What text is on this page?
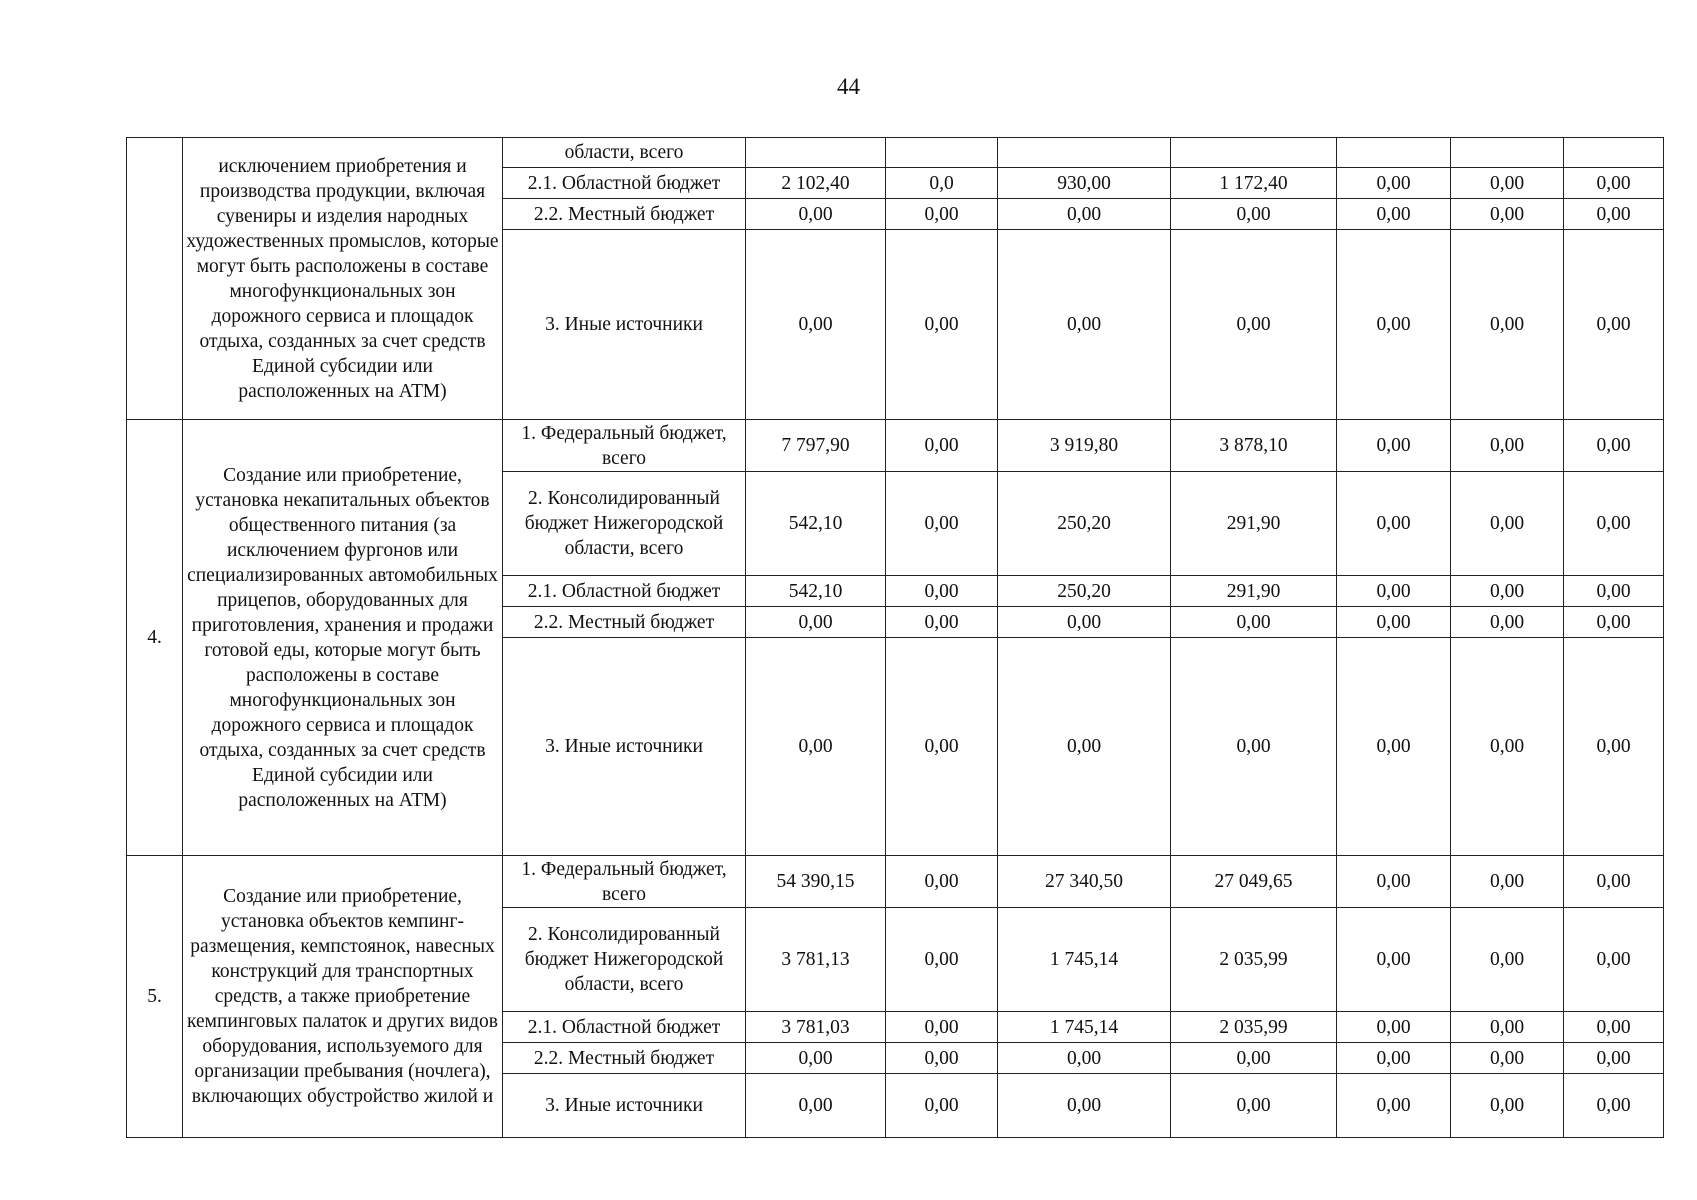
44
	исключением приобретения и производства продукции, включая сувениры и изделия народных художественных промыслов, которые могут быть расположены в составе многофункциональных зон дорожного сервиса и площадок отдыха, созданных за счет средств Единой субсидии или расположенных на АТМ)	области, всего							
		2.1. Областной бюджет	2 102,40	0,0	930,00	1 172,40	0,00	0,00	0,00
		2.2. Местный бюджет	0,00	0,00	0,00	0,00	0,00	0,00	0,00
		3. Иные источники	0,00	0,00	0,00	0,00	0,00	0,00	0,00
4.	Создание или приобретение, установка некапитальных объектов общественного питания (за исключением фургонов или специализированных автомобильных прицепов, оборудованных для приготовления, хранения и продажи готовой еды, которые могут быть расположены в составе многофункциональных зон дорожного сервиса и площадок отдыха, созданных за счет средств Единой субсидии или расположенных на АТМ)	1. Федеральный бюджет, всего	7 797,90	0,00	3 919,80	3 878,10	0,00	0,00	0,00
		2. Консолидированный бюджет Нижегородской области, всего	542,10	0,00	250,20	291,90	0,00	0,00	0,00
		2.1. Областной бюджет	542,10	0,00	250,20	291,90	0,00	0,00	0,00
		2.2. Местный бюджет	0,00	0,00	0,00	0,00	0,00	0,00	0,00
		3. Иные источники	0,00	0,00	0,00	0,00	0,00	0,00	0,00
5.	Создание или приобретение, установка объектов кемпинг-размещения, кемпстоянок, навесных конструкций для транспортных средств, а также приобретение кемпинговых палаток и других видов оборудования, используемого для организации пребывания (ночлега), включающих обустройство жилой и	1. Федеральный бюджет, всего	54 390,15	0,00	27 340,50	27 049,65	0,00	0,00	0,00
		2. Консолидированный бюджет Нижегородской области, всего	3 781,13	0,00	1 745,14	2 035,99	0,00	0,00	0,00
		2.1. Областной бюджет	3 781,03	0,00	1 745,14	2 035,99	0,00	0,00	0,00
		2.2. Местный бюджет	0,00	0,00	0,00	0,00	0,00	0,00	0,00
		3. Иные источники	0,00	0,00	0,00	0,00	0,00	0,00	0,00
